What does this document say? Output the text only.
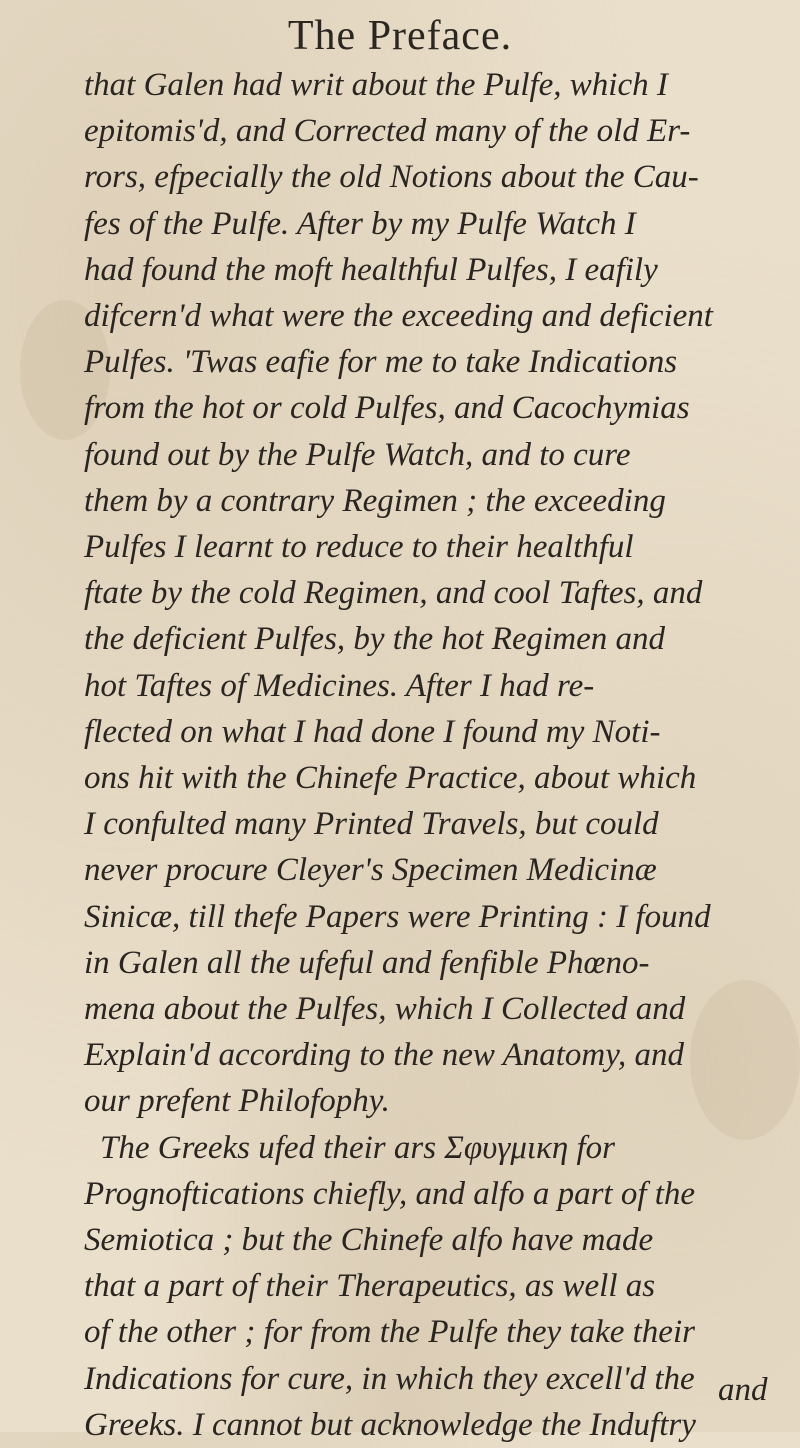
The Preface.
that Galen had writ about the Pulfe, which I
epitomis'd, and Corrected many of the old Er-
rors, efpecially the old Notions about the Cau-
fes of the Pulfe. After by my Pulfe Watch I
had found the moft healthful Pulfes, I eafily
difcern'd what were the exceeding and deficient
Pulfes. 'Twas eafie for me to take Indications
from the hot or cold Pulfes, and Cacochymias
found out by the Pulfe Watch, and to cure
them by a contrary Regimen ; the exceeding
Pulfes I learnt to reduce to their healthful
ftate by the cold Regimen, and cool Taftes, and
the deficient Pulfes, by the hot Regimen and
hot Taftes of Medicines. After I had re-
flected on what I had done I found my Noti-
ons hit with the Chinefe Practice, about which
I confulted many Printed Travels, but could
never procure Cleyer's Specimen Medicinæ
Sinicæ, till thefe Papers were Printing : I found
in Galen all the ufeful and fenfible Phœno-
mena about the Pulfes, which I Collected and
Explain'd according to the new Anatomy, and
our prefent Philofophy.
The Greeks ufed their ars Σφυγμικη for
Prognoftications chiefly, and alfo a part of the
Semiotica ; but the Chinefe alfo have made
that a part of their Therapeutics, as well as
of the other ; for from the Pulfe they take their
Indications for cure, in which they excell'd the
Greeks. I cannot but acknowledge the Induftry
and
